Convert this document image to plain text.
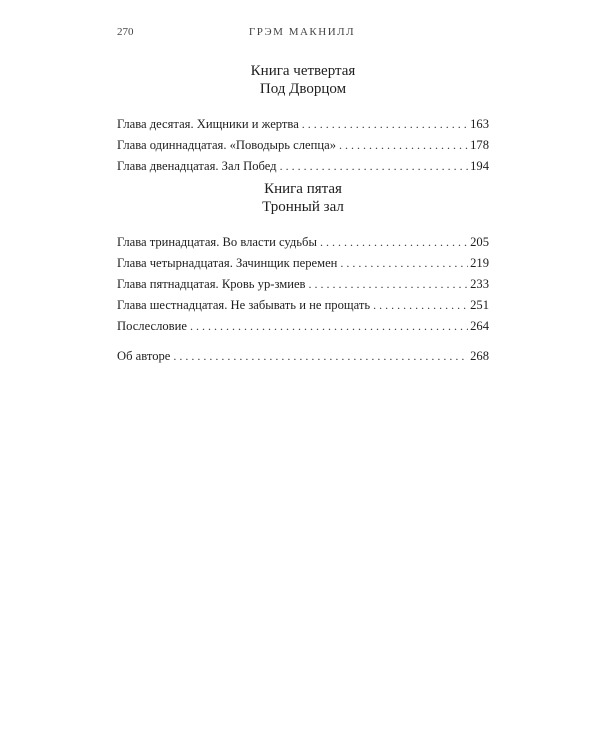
270	ГРЭМ МАКНИЛЛ
Книга четвертая
Под Дворцом
Глава десятая. Хищники и жертва . . .	163
Глава одиннадцатая. «Поводырь слепца» . . .	178
Глава двенадцатая. Зал Побед . . .	194
Книга пятая
Тронный зал
Глава тринадцатая. Во власти судьбы . . .	205
Глава четырнадцатая. Зачинщик перемен . . .	219
Глава пятнадцатая. Кровь ур-змиев . . .	233
Глава шестнадцатая. Не забывать и не прощать . . .	251
Послесловие . . .	264
Об авторе . . .	268
